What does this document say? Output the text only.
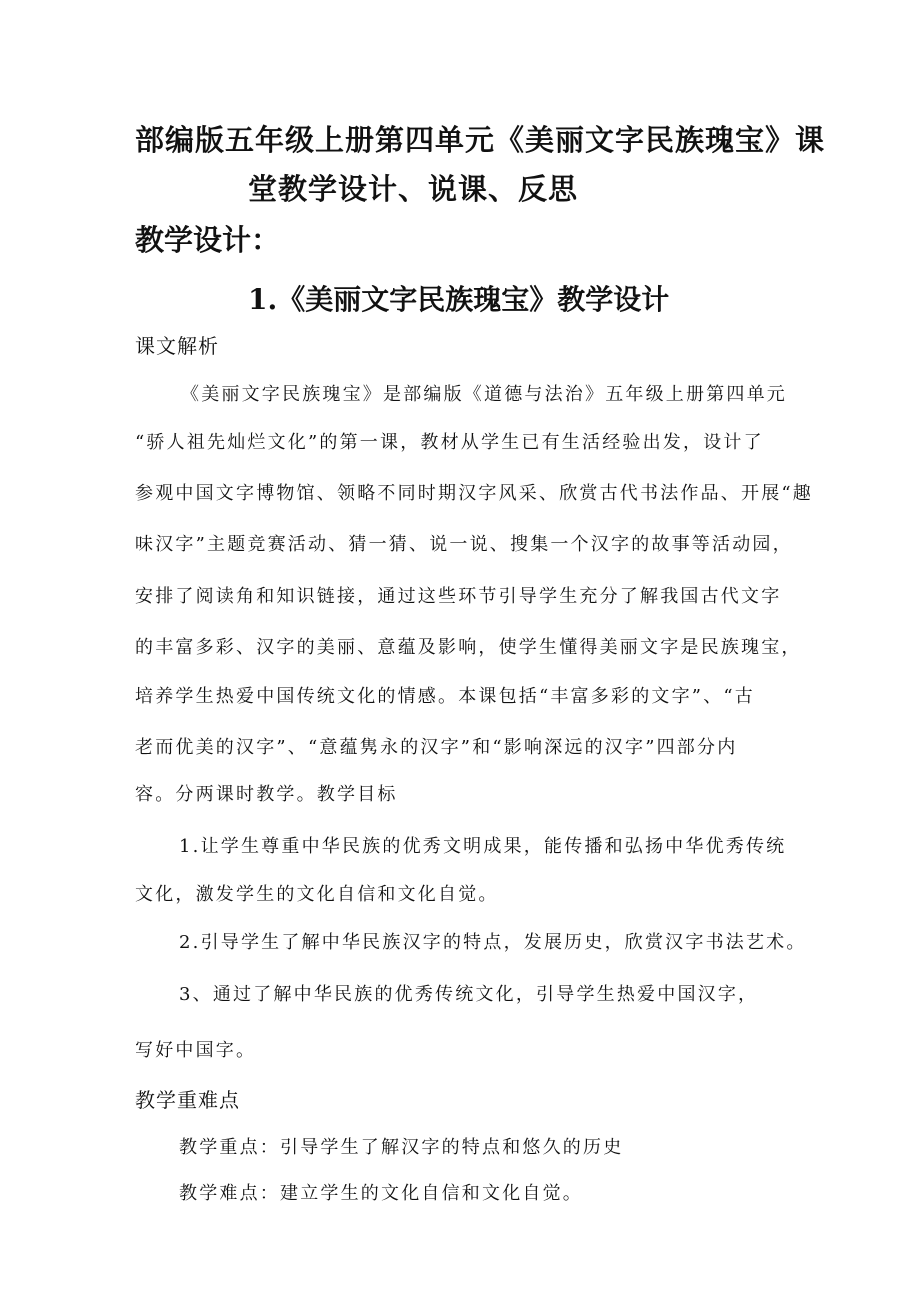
部编版五年级上册第四单元《美丽文字民族瑰宝》课

堂教学设计、说课、反思

教学设计：

1.《美丽文字民族瑰宝》教学设计

课文解析

《美丽文字民族瑰宝》是部编版《道德与法治》五年级上册第四单元

“骄人祖先灿烂文化”的第一课，教材从学生已有生活经验出发，设计了

参观中国文字博物馆、领略不同时期汉字风采、欣赏古代书法作品、开展“趣

味汉字”主题竞赛活动、猜一猜、说一说、搜集一个汉字的故事等活动园，

安排了阅读角和知识链接，通过这些环节引导学生充分了解我国古代文字

的丰富多彩、汉字的美丽、意蕴及影响，使学生懂得美丽文字是民族瑰宝，

培养学生热爱中国传统文化的情感。本课包括“丰富多彩的文字”、“古

老而优美的汉字”、“意蕴隽永的汉字”和“影响深远的汉字”四部分内

容。分两课时教学。教学目标

1.让学生尊重中华民族的优秀文明成果，能传播和弘扬中华优秀传统

文化，激发学生的文化自信和文化自觉。

2.引导学生了解中华民族汉字的特点，发展历史，欣赏汉字书法艺术。

3、通过了解中华民族的优秀传统文化，引导学生热爱中国汉字，

写好中国字。

教学重难点

教学重点：引导学生了解汉字的特点和悠久的历史

教学难点：建立学生的文化自信和文化自觉。
